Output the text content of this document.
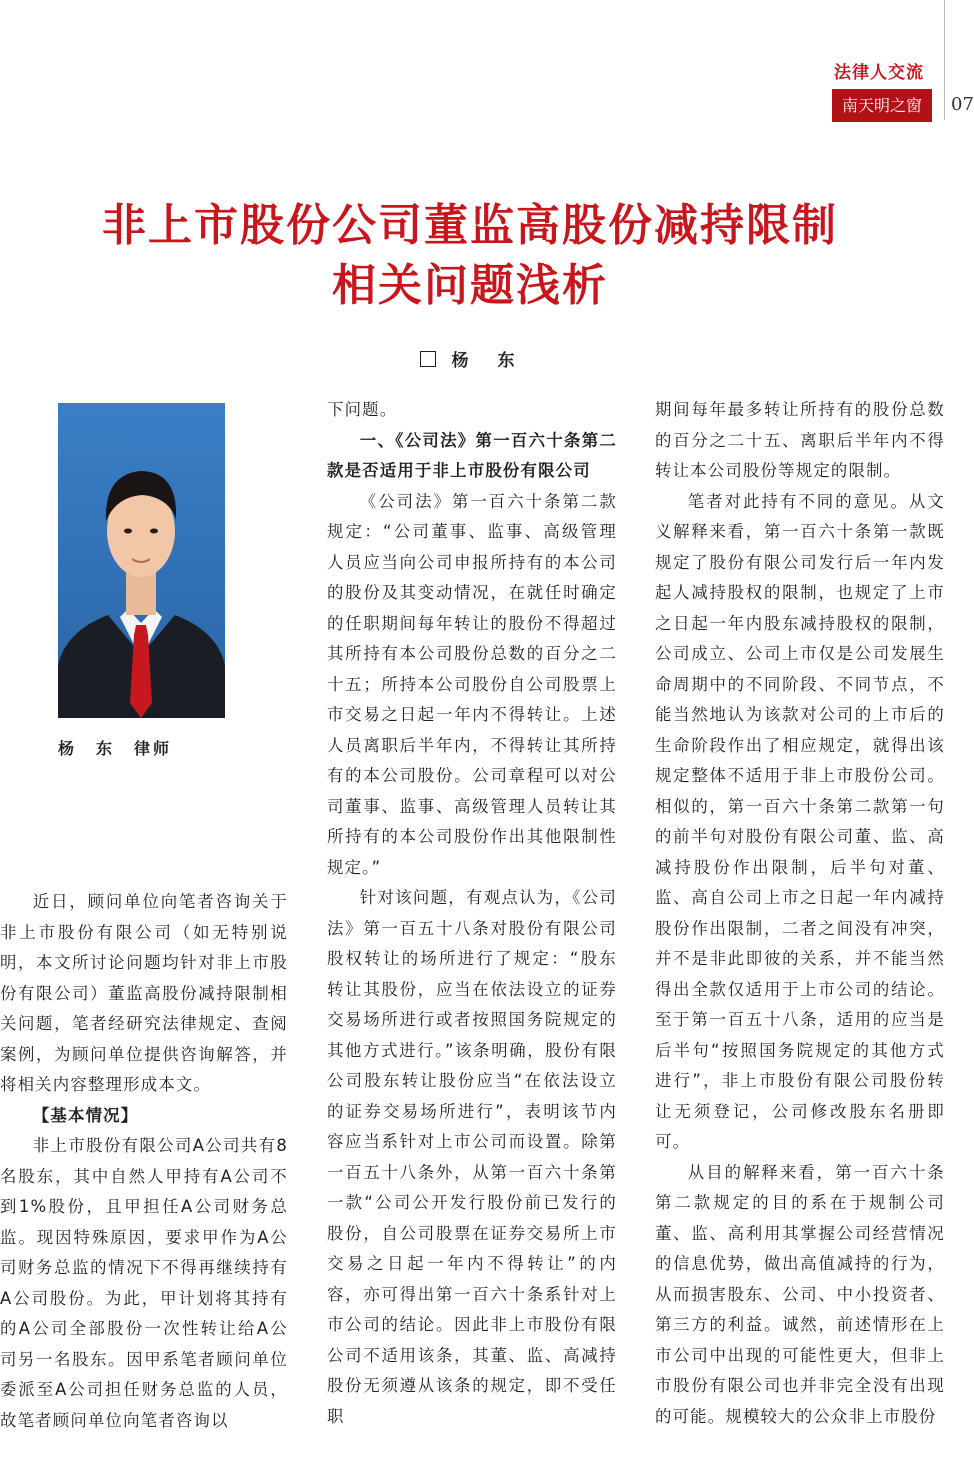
法律人交流
南天明之窗	07
非上市股份公司董监高股份减持限制
相关问题浅析
杨　东
杨　东　律师

近日，顾问单位向笔者咨询关于非上市股份有限公司（如无特别说明，本文所讨论问题均针对非上市股份有限公司）董监高股份减持限制相关问题，笔者经研究法律规定、查阅案例，为顾问单位提供咨询解答，并将相关内容整理形成本文。

【基本情况】

非上市股份有限公司A公司共有8名股东，其中自然人甲持有A公司不到1%股份，且甲担任A公司财务总监。现因特殊原因，要求甲作为A公司财务总监的情况下不得再继续持有A公司股份。为此，甲计划将其持有的A公司全部股份一次性转让给A公司另一名股东。因甲系笔者顾问单位委派至A公司担任财务总监的人员，故笔者顾问单位向笔者咨询以

下问题。

一、《公司法》第一百六十条第二款是否适用于非上市股份有限公司

《公司法》第一百六十条第二款规定：“公司董事、监事、高级管理人员应当向公司申报所持有的本公司的股份及其变动情况，在就任时确定的任职期间每年转让的股份不得超过其所持有本公司股份总数的百分之二十五；所持本公司股份自公司股票上市交易之日起一年内不得转让。上述人员离职后半年内，不得转让其所持有的本公司股份。公司章程可以对公司董事、监事、高级管理人员转让其所持有的本公司股份作出其他限制性规定。”

针对该问题，有观点认为，《公司法》第一百五十八条对股份有限公司股权转让的场所进行了规定：“股东转让其股份，应当在依法设立的证券交易场所进行或者按照国务院规定的其他方式进行。”该条明确，股份有限公司股东转让股份应当“在依法设立的证券交易场所进行”，表明该节内容应当系针对上市公司而设置。除第一百五十八条外，从第一百六十条第一款“公司公开发行股份前已发行的股份，自公司股票在证券交易所上市交易之日起一年内不得转让”的内容，亦可得出第一百六十条系针对上市公司的结论。因此非上市股份有限公司不适用该条，其董、监、高减持股份无须遵从该条的规定，即不受任职

期间每年最多转让所持有的股份总数的百分之二十五、离职后半年内不得转让本公司股份等规定的限制。

笔者对此持有不同的意见。从文义解释来看，第一百六十条第一款既规定了股份有限公司发行后一年内发起人减持股权的限制，也规定了上市之日起一年内股东减持股权的限制，公司成立、公司上市仅是公司发展生命周期中的不同阶段、不同节点，不能当然地认为该款对公司的上市后的生命阶段作出了相应规定，就得出该规定整体不适用于非上市股份公司。相似的，第一百六十条第二款第一句的前半句对股份有限公司董、监、高减持股份作出限制，后半句对董、监、高自公司上市之日起一年内减持股份作出限制，二者之间没有冲突，并不是非此即彼的关系，并不能当然得出全款仅适用于上市公司的结论。至于第一百五十八条，适用的应当是后半句“按照国务院规定的其他方式进行”，非上市股份有限公司股份转让无须登记，公司修改股东名册即可。

从目的解释来看，第一百六十条第二款规定的目的系在于规制公司董、监、高利用其掌握公司经营情况的信息优势，做出高值减持的行为，从而损害股东、公司、中小投资者、第三方的利益。诚然，前述情形在上市公司中出现的可能性更大，但非上市股份有限公司也并非完全没有出现的可能。规模较大的公众非上市股份
